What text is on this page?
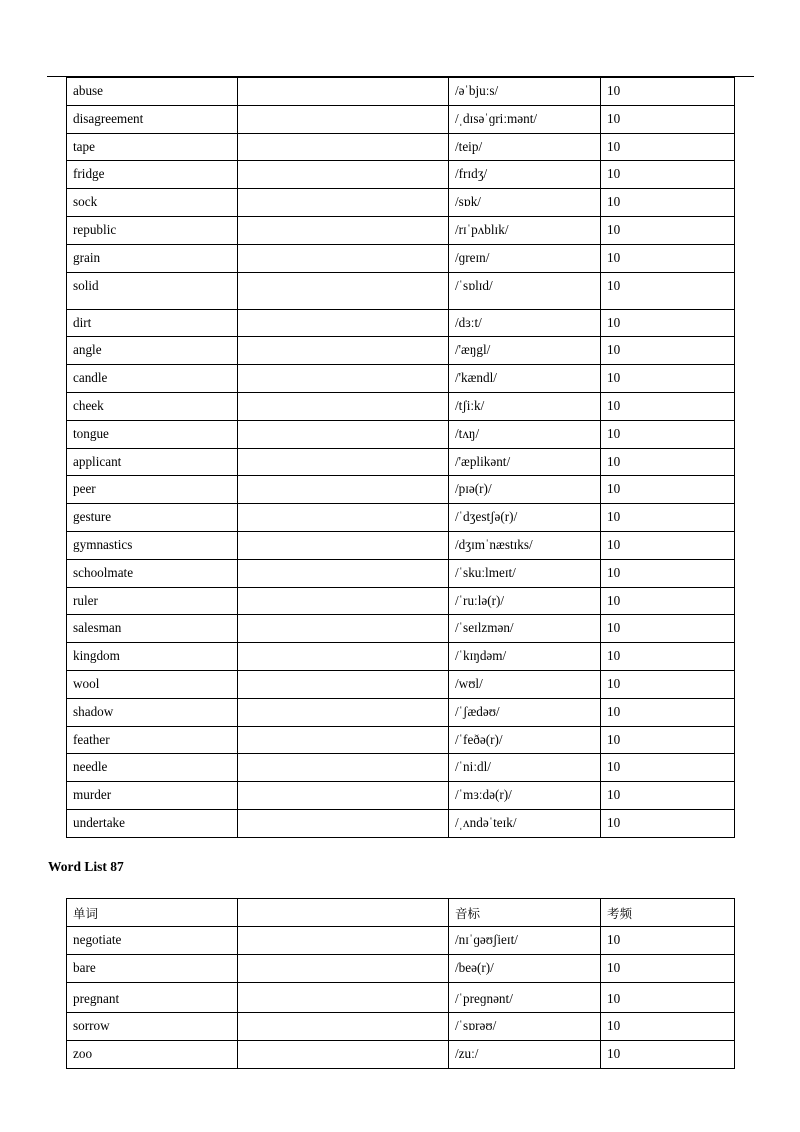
abuse		/əˈbjuːs/	10
disagreement		/ˌdɪsəˈɡriːmənt/	10
tape		/teip/	10
fridge		/frɪdʒ/	10
sock		/sɒk/	10
republic		/rɪˈpʌblɪk/	10
grain		/ɡreɪn/	10
solid		/ˈsɒlɪd/	10
dirt		/dɜːt/	10
angle		/'æŋgl/	10
candle		/'kændl/	10
cheek		/tʃiːk/	10
tongue		/tʌŋ/	10
applicant		/'æplikənt/	10
peer		/pɪə(r)/	10
gesture		/ˈdʒestʃə(r)/	10
gymnastics		/dʒɪmˈnæstɪks/	10
schoolmate		/ˈskuːlmeɪt/	10
ruler		/ˈruːlə(r)/	10
salesman		/ˈseɪlzmən/	10
kingdom		/ˈkɪŋdəm/	10
wool		/wʊl/	10
shadow		/ˈʃædəʊ/	10
feather		/ˈfeðə(r)/	10
needle		/ˈniːdl/	10
murder		/ˈmɜːdə(r)/	10
undertake		/ˌʌndəˈteɪk/	10
Word List 87
单词		音标	考频
negotiate		/nɪˈɡəʊʃieɪt/	10
bare		/beə(r)/	10
pregnant		/ˈpreɡnənt/	10
sorrow		/ˈsɒrəʊ/	10
zoo		/zuː/	10
